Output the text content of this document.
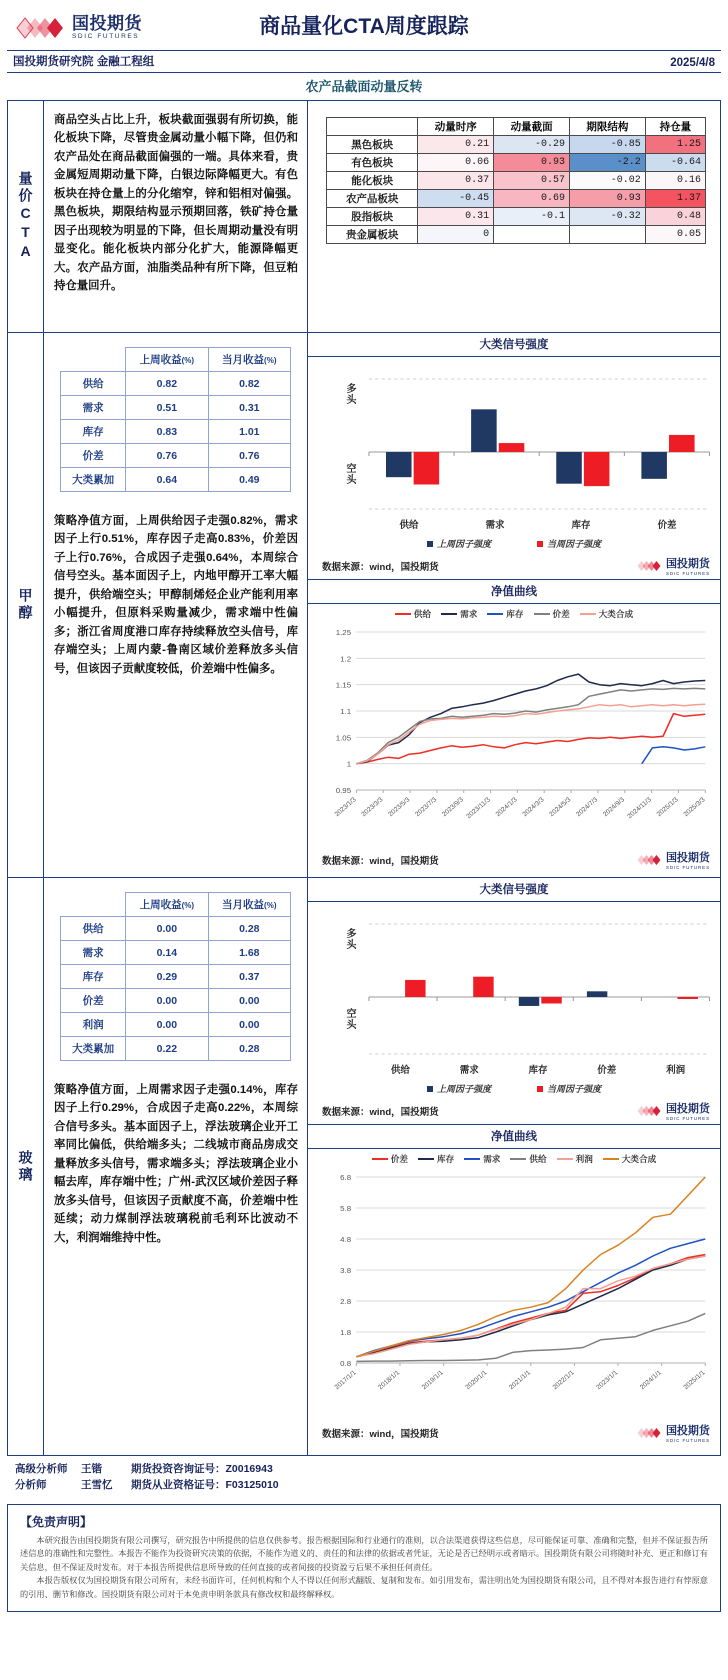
国投期货
SDIC FUTURES	商品量化CTA周度跟踪
国投期货研究院 金融工程组	2025/4/8
农产品截面动量反转
量价CTA
商品空头占比上升，板块截面强弱有所切换，能化板块下降，尽管贵金属动量小幅下降，但仍和农产品处在商品截面偏强的一端。具体来看，贵金属短周期动量下降，白银边际降幅更大。有色板块在持仓量上的分化缩窄，锌和铝相对偏强。黑色板块，期限结构显示预期回落，铁矿持仓量因子出现较为明显的下降，但长周期动量没有明显变化。能化板块内部分化扩大，能源降幅更大。农产品方面，油脂类品种有所下降，但豆粕持仓量回升。
	动量时序	动量截面	期限结构	持仓量
黑色板块	0.21	-0.29	-0.85	1.25
有色板块	0.06	0.93	-2.2	-0.64
能化板块	0.37	0.57	-0.02	0.16
农产品板块	-0.45	0.69	0.93	1.37
股指板块	0.31	-0.1	-0.32	0.48
贵金属板块	0			0.05
甲醇
	上周收益(%)	当月收益(%)
供给	0.82	0.82
需求	0.51	0.31
库存	0.83	1.01
价差	0.76	0.76
大类累加	0.64	0.49
策略净值方面，上周供给因子走强0.82%，需求因子上行0.51%，库存因子走高0.83%，价差因子上行0.76%，合成因子走强0.64%，本周综合信号空头。基本面因子上，内地甲醇开工率大幅提升，供给端空头；甲醇制烯烃企业产能利用率小幅提升，但原料采购量减少，需求端中性偏多；浙江省周度港口库存持续释放空头信号，库存端空头；上周内蒙-鲁南区域价差释放多头信号，但该因子贡献度较低，价差端中性偏多。
大类信号强度
多头
空头
供给	需求	库存	价差
上周因子强度	当周因子强度
数据来源：wind，国投期货	国投期货
SDIC FUTURES
净值曲线
供给	需求	库存	价差	大类合成
0.95
1
1.05
1.1
1.15
1.2
1.25
2023/1/3 2023/3/3 2023/5/3 2023/7/3 2023/9/3 2023/11/3 2024/1/3 2024/3/3 2024/5/3 2024/7/3 2024/9/3 2024/11/3 2025/1/3 2025/3/3
数据来源：wind，国投期货	国投期货
SDIC FUTURES
玻璃
	上周收益(%)	当月收益(%)
供给	0.00	0.28
需求	0.14	1.68
库存	0.29	0.37
价差	0.00	0.00
利润	0.00	0.00
大类累加	0.22	0.28
策略净值方面，上周需求因子走强0.14%，库存因子上行0.29%，合成因子走高0.22%，本周综合信号多头。基本面因子上，浮法玻璃企业开工率同比偏低，供给端多头；二线城市商品房成交量释放多头信号，需求端多头；浮法玻璃企业小幅去库，库存端中性；广州-武汉区域价差因子释放多头信号，但该因子贡献度不高，价差端中性延续；动力煤制浮法玻璃税前毛利环比波动不大，利润端维持中性。
大类信号强度
多头
空头
供给	需求	库存	价差	利润
上周因子强度	当周因子强度
数据来源：wind，国投期货	国投期货
SDIC FUTURES
净值曲线
价差	库存	需求	供给	利润	大类合成
0.8
1.8
2.8
3.8
4.8
5.8
6.8
2017/1/1	2018/1/1	2019/1/1	2020/1/1	2021/1/1	2022/1/1	2023/1/1	2024/1/1	2025/1/1
数据来源：wind，国投期货	国投期货
SDIC FUTURES
高级分析师	王锴	期货投资咨询证号：Z0016943
分析师	王雪忆	期货从业资格证号：F03125010
【免责声明】

本研究报告由国投期货有限公司撰写，研究报告中所提供的信息仅供参考。报告根据国际和行业通行的准则，以合法渠道获得这些信息，尽可能保证可靠、准确和完整，但并不保证报告所述信息的准确性和完整性。本报告不能作为投资研究决策的依据，不能作为道义的、责任的和法律的依据或者凭证，无论是否已经明示或者暗示。国投期货有限公司将随时补充、更正和修订有关信息，但不保证及时发布。对于本报告所提供信息所导致的任何直接的或者间接的投资盈亏后果不承担任何责任。

本报告版权仅为国投期货有限公司所有，未经书面许可，任何机构和个人不得以任何形式翻版、复制和发布。如引用发布，需注明出处为国投期货有限公司，且不得对本报告进行有悖原意的引用、删节和修改。国投期货有限公司对于本免责申明条款具有修改权和最终解释权。
